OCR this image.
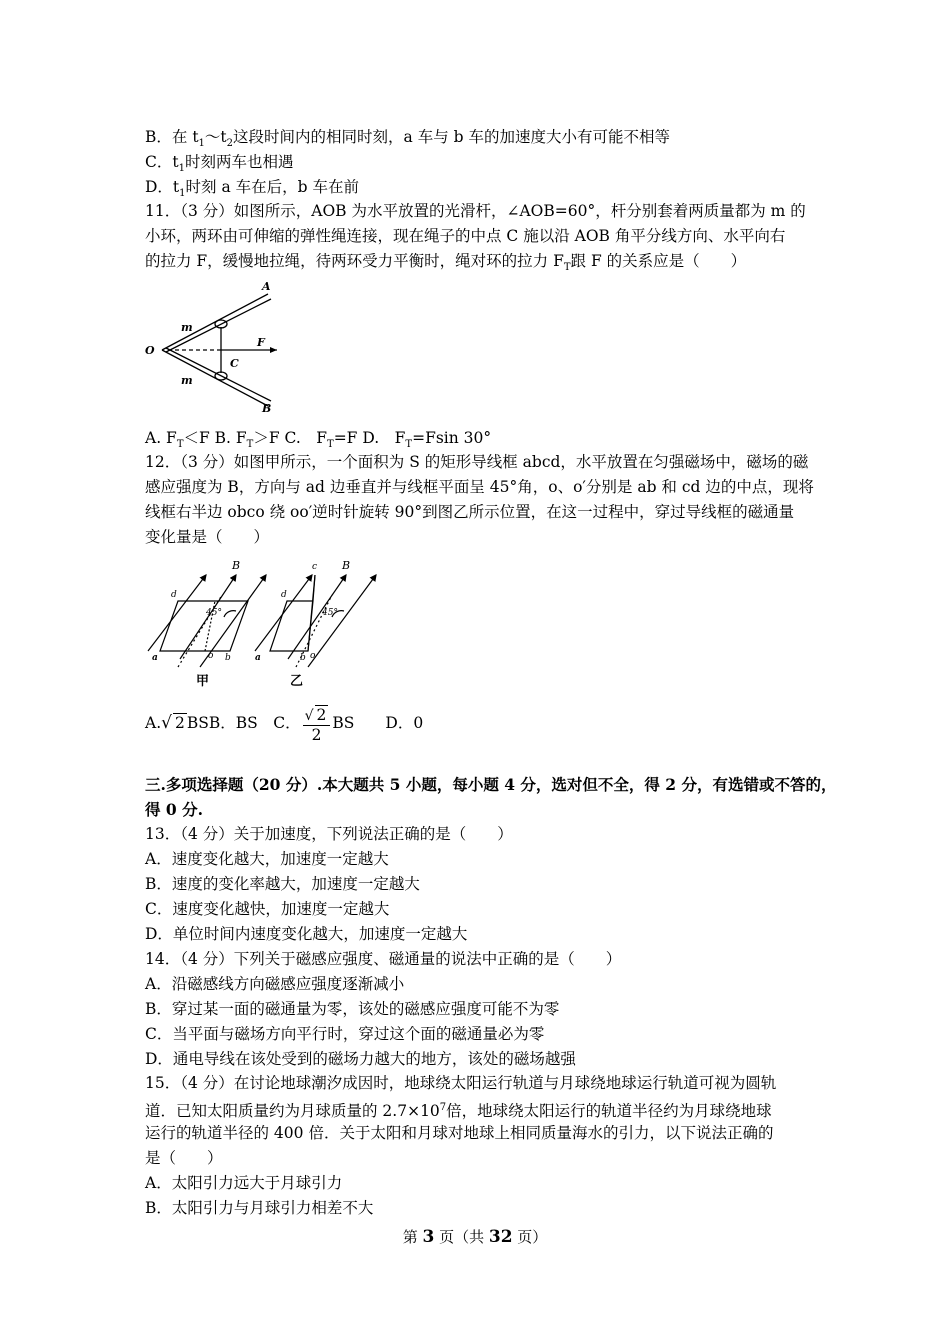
B．在 $t_1\sim t_2$这段时间内的相同时刻，a 车与 b 车的加速度大小有可能不相等
C．$t_1$时刻两车也相遇
D．$t_1$时刻 a 车在后，b 车在前
11．（3 分）如图所示，AOB 为水平放置的光滑杆，∠AOB=60°，杆分别套着两质量都为 m 的
小环，两环由可伸缩的弹性绳连接，现在绳子的中点 C 施以沿 AOB 角平分线方向、水平向右
的拉力 F，缓慢地拉绳，待两环受力平衡时，绳对环的拉力 $F_T$跟 F 的关系应是（　　）
A
B
O
C
F
m
m
A. $F_T<F$ B. $F_T>F$ C.　$F_T=F$ D.　$F_T=Fsin$ 30°
12．（3 分）如图甲所示，一个面积为 S 的矩形导线框 abcd，水平放置在匀强磁场中，磁场的磁
感应强度为 B，方向与 ad 边垂直并与线框平面呈 45°角，o、o′分别是 ab 和 cd 边的中点，现将
线框右半边 obco 绕 oo′逆时针旋转 90°到图乙所示位置，在这一过程中，穿过导线框的磁通量
变化量是（　　）
B	B
a	b
d
o
45°
a	b
c
d
o
45°
甲	乙
A.√ 2 BSB．BS　C． $\frac{√ 2}{2}$ BS　　D．0
三.多项选择题（20 分）.本大题共 5 小题，每小题 4 分，选对但不全，得 2 分，有选错或不答的，
得 0 分.
13．（4 分）关于加速度，下列说法正确的是（　　）
A．速度变化越大，加速度一定越大
B．速度的变化率越大，加速度一定越大
C．速度变化越快，加速度一定越大
D．单位时间内速度变化越大，加速度一定越大
14．（4 分）下列关于磁感应强度、磁通量的说法中正确的是（　　）
A．沿磁感线方向磁感应强度逐渐减小
B．穿过某一面的磁通量为零，该处的磁感应强度可能不为零
C．当平面与磁场方向平行时，穿过这个面的磁通量必为零
D．通电导线在该处受到的磁场力越大的地方，该处的磁场越强
15．（4 分）在讨论地球潮汐成因时，地球绕太阳运行轨道与月球绕地球运行轨道可视为圆轨
道．已知太阳质量约为月球质量的 $2.7\times 10^7$倍，地球绕太阳运行的轨道半径约为月球绕地球
运行的轨道半径的 400 倍．关于太阳和月球对地球上相同质量海水的引力，以下说法正确的
是（　　）
A．太阳引力远大于月球引力
B．太阳引力与月球引力相差不大
第 3 页（共 32 页）
